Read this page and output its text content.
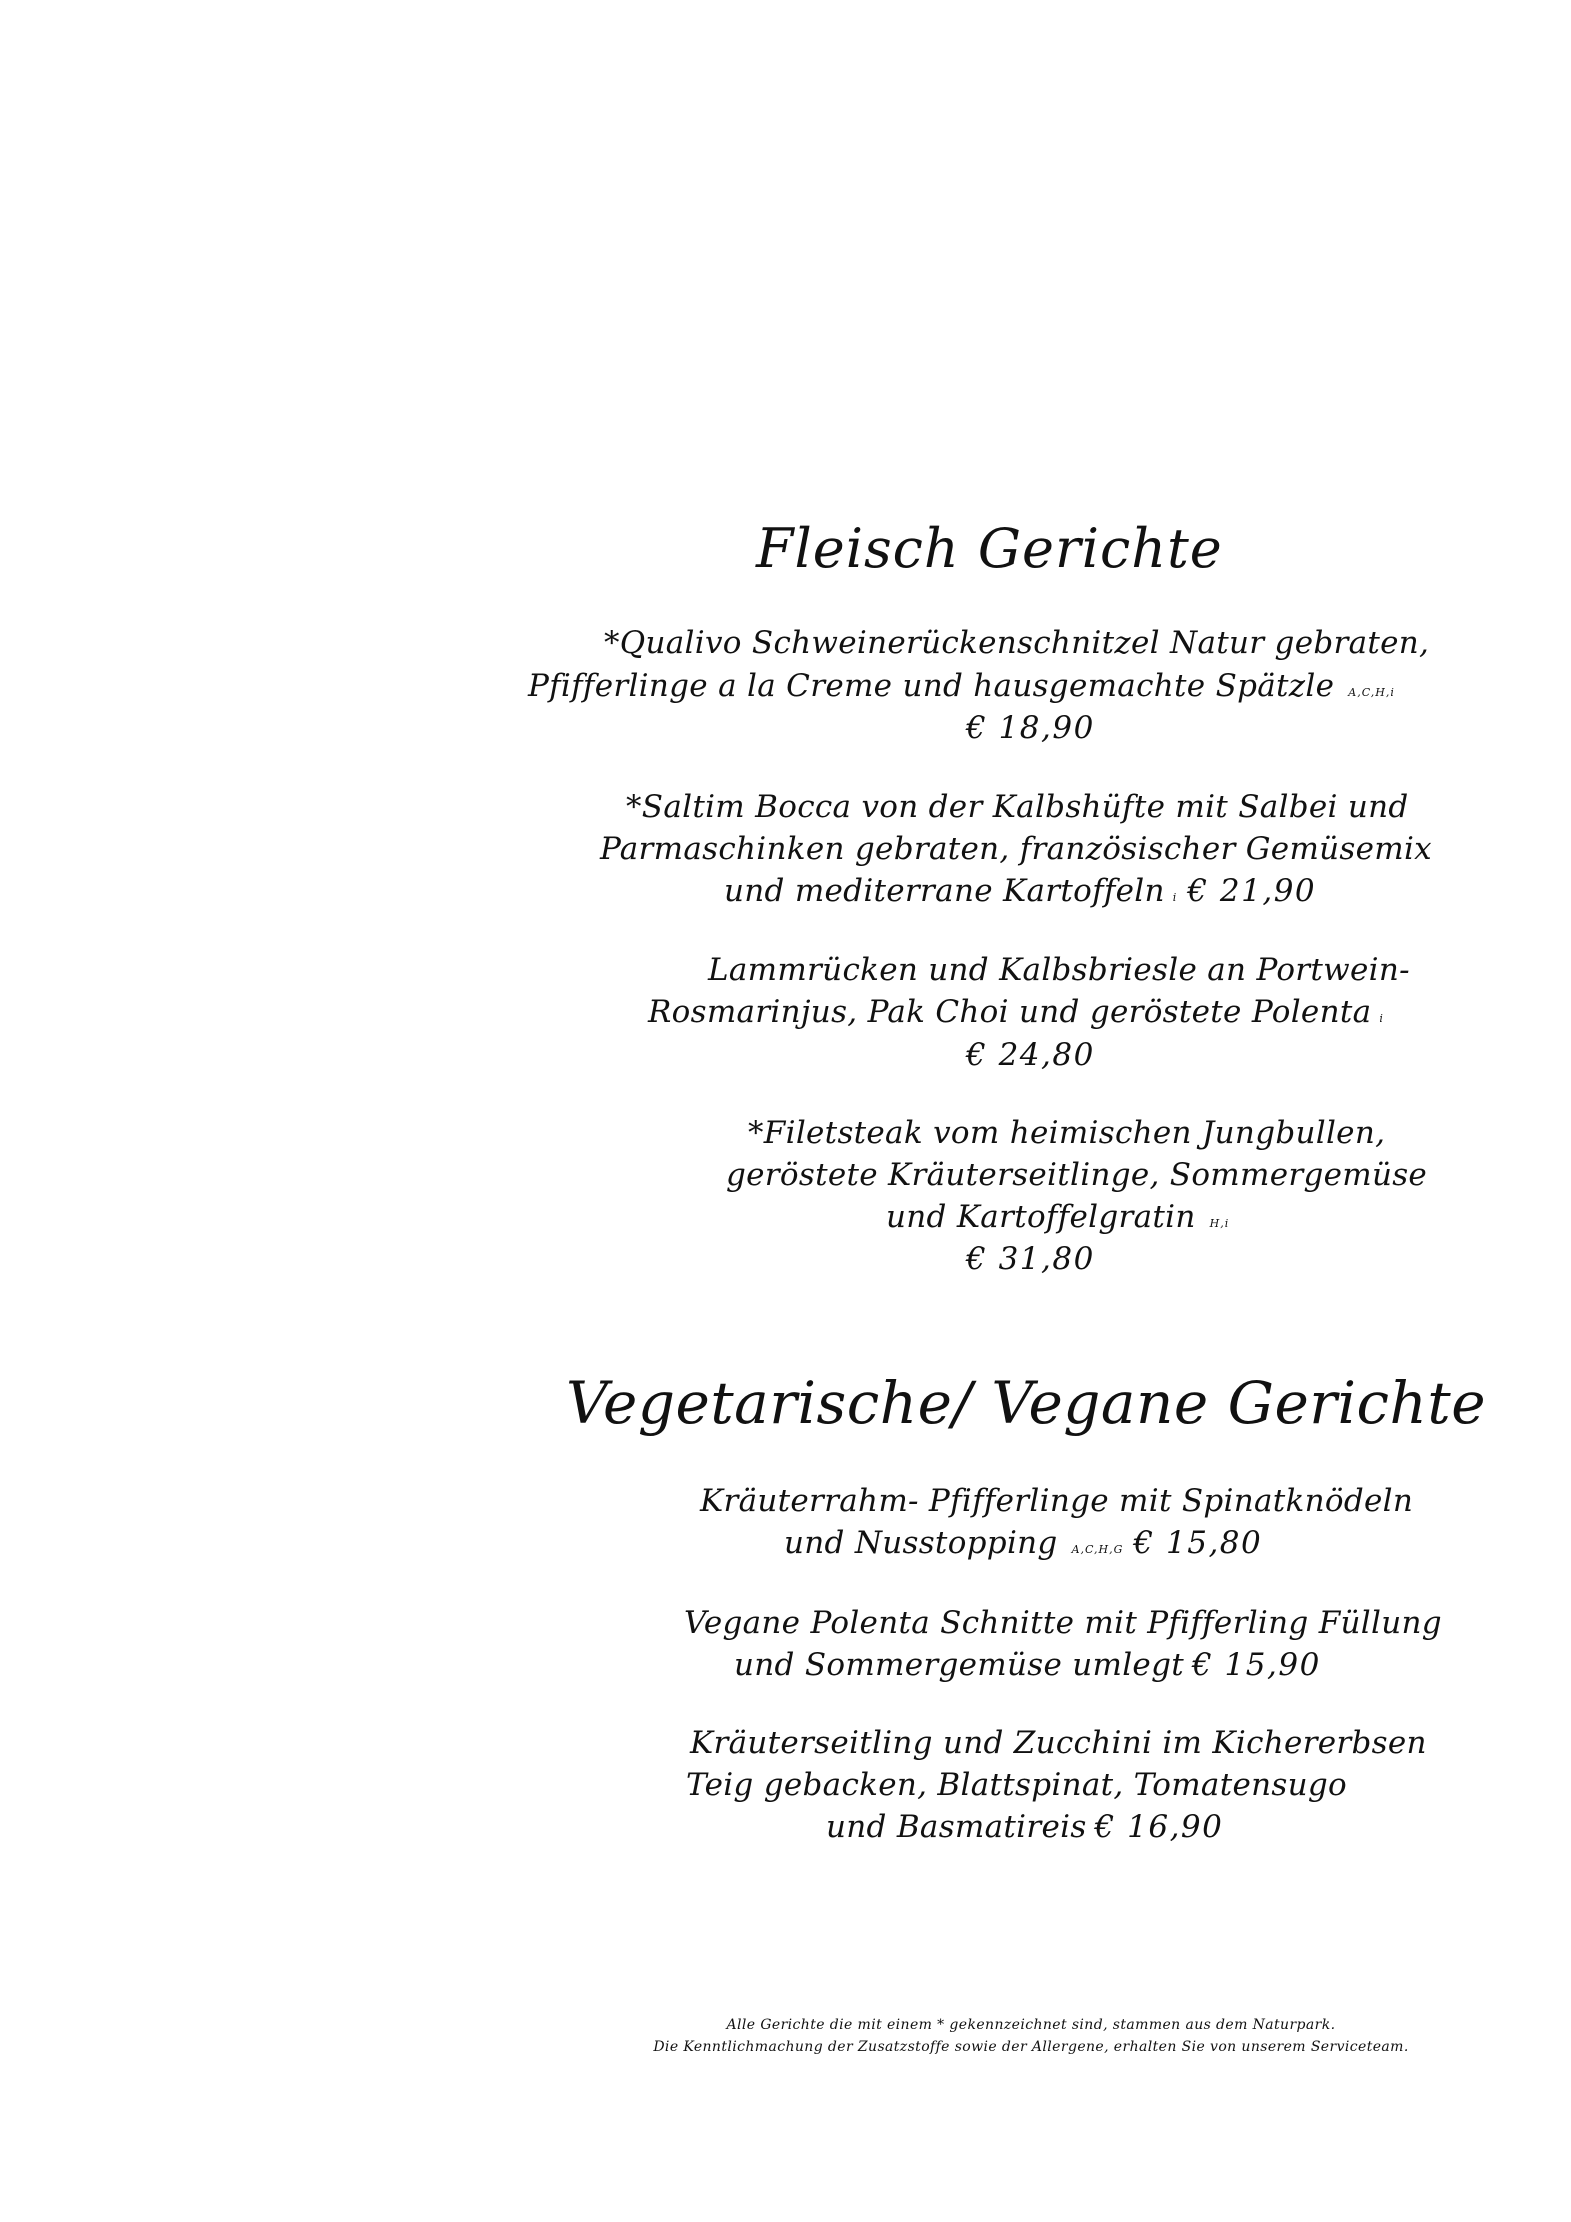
Fleisch Gerichte
*Qualivo Schweinerückenschnitzel Natur gebraten,
Pfifferlinge a la Creme und hausgemachte Spätzle A,C,H,i
€ 18,90
*Saltim Bocca von der Kalbshüfte mit Salbei und
Parmaschinken gebraten, französischer Gemüsemix
und mediterrane Kartoffeln i € 21,90
Lammrücken und Kalbsbriesle an Portwein-
Rosmarinjus, Pak Choi und geröstete Polenta i
€ 24,80
*Filetsteak vom heimischen Jungbullen,
geröstete Kräuterseitlinge, Sommergemüse
und Kartoffelgratin H,i
€ 31,80
Vegetarische/ Vegane Gerichte
Kräuterrahm- Pfifferlinge mit Spinatknödeln
und Nusstopping A,C,H,G € 15,80
Vegane Polenta Schnitte mit Pfifferling Füllung
und Sommergemüse umlegt € 15,90
Kräuterseitling und Zucchini im Kichererbsen
Teig gebacken, Blattspinat, Tomatensugo
und Basmatireis € 16,90
Alle Gerichte die mit einem * gekennzeichnet sind, stammen aus dem Naturpark.
Die Kenntlichmachung der Zusatzstoffe sowie der Allergene, erhalten Sie von unserem Serviceteam.
